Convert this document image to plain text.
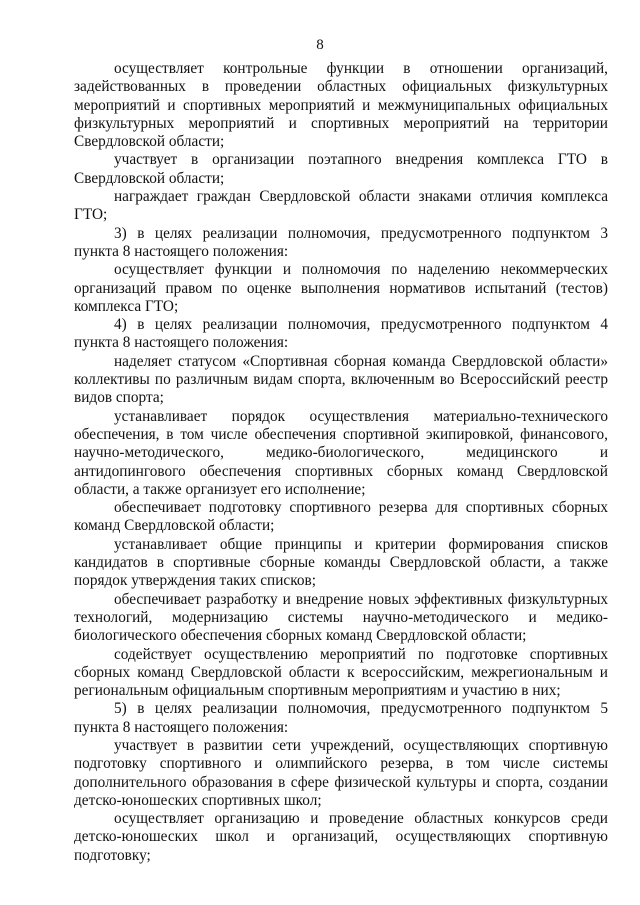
8

осуществляет контрольные функции в отношении организаций, задействованных в проведении областных официальных физкультурных мероприятий и спортивных мероприятий и межмуниципальных официальных физкультурных мероприятий и спортивных мероприятий на территории Свердловской области;

участвует в организации поэтапного внедрения комплекса ГТО в Свердловской области;

награждает граждан Свердловской области знаками отличия комплекса ГТО;

3) в целях реализации полномочия, предусмотренного подпунктом 3 пункта 8 настоящего положения:

осуществляет функции и полномочия по наделению некоммерческих организаций правом по оценке выполнения нормативов испытаний (тестов) комплекса ГТО;

4) в целях реализации полномочия, предусмотренного подпунктом 4 пункта 8 настоящего положения:

наделяет статусом «Спортивная сборная команда Свердловской области» коллективы по различным видам спорта, включенным во Всероссийский реестр видов спорта;

устанавливает порядок осуществления материально-технического обеспечения, в том числе обеспечения спортивной экипировкой, финансового, научно-методического, медико-биологического, медицинского и антидопингового обеспечения спортивных сборных команд Свердловской области, а также организует его исполнение;

обеспечивает подготовку спортивного резерва для спортивных сборных команд Свердловской области;

устанавливает общие принципы и критерии формирования списков кандидатов в спортивные сборные команды Свердловской области, а также порядок утверждения таких списков;

обеспечивает разработку и внедрение новых эффективных физкультурных технологий, модернизацию системы научно-методического и медико-биологического обеспечения сборных команд Свердловской области;

содействует осуществлению мероприятий по подготовке спортивных сборных команд Свердловской области к всероссийским, межрегиональным и региональным официальным спортивным мероприятиям и участию в них;

5) в целях реализации полномочия, предусмотренного подпунктом 5 пункта 8 настоящего положения:

участвует в развитии сети учреждений, осуществляющих спортивную подготовку спортивного и олимпийского резерва, в том числе системы дополнительного образования в сфере физической культуры и спорта, создании детско-юношеских спортивных школ;

осуществляет организацию и проведение областных конкурсов среди детско-юношеских школ и организаций, осуществляющих спортивную подготовку;
